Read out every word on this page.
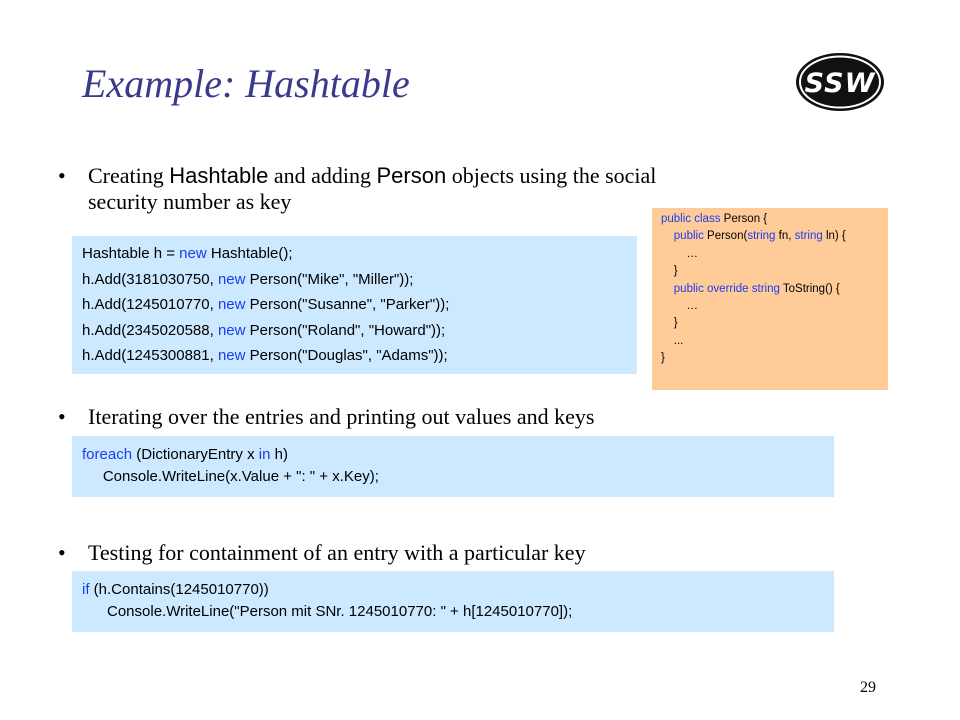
Example: Hashtable	SSW
•	Creating Hashtable and adding Person objects using the social
security number as key
Hashtable h = new Hashtable();
h.Add(3181030750, new Person("Mike", "Miller"));
h.Add(1245010770, new Person("Susanne", "Parker"));
h.Add(2345020588, new Person("Roland", "Howard"));
h.Add(1245300881, new Person("Douglas", "Adams"));
public class Person {
public Person(string fn, string ln) {
…
}
public override string ToString() {
…
}
...
}
•	Iterating over the entries and printing out values and keys
foreach (DictionaryEntry x in h)
Console.WriteLine(x.Value + ": " + x.Key);
•	Testing for containment of an entry with a particular key
if (h.Contains(1245010770))
Console.WriteLine("Person mit SNr. 1245010770: " + h[1245010770]);
29
